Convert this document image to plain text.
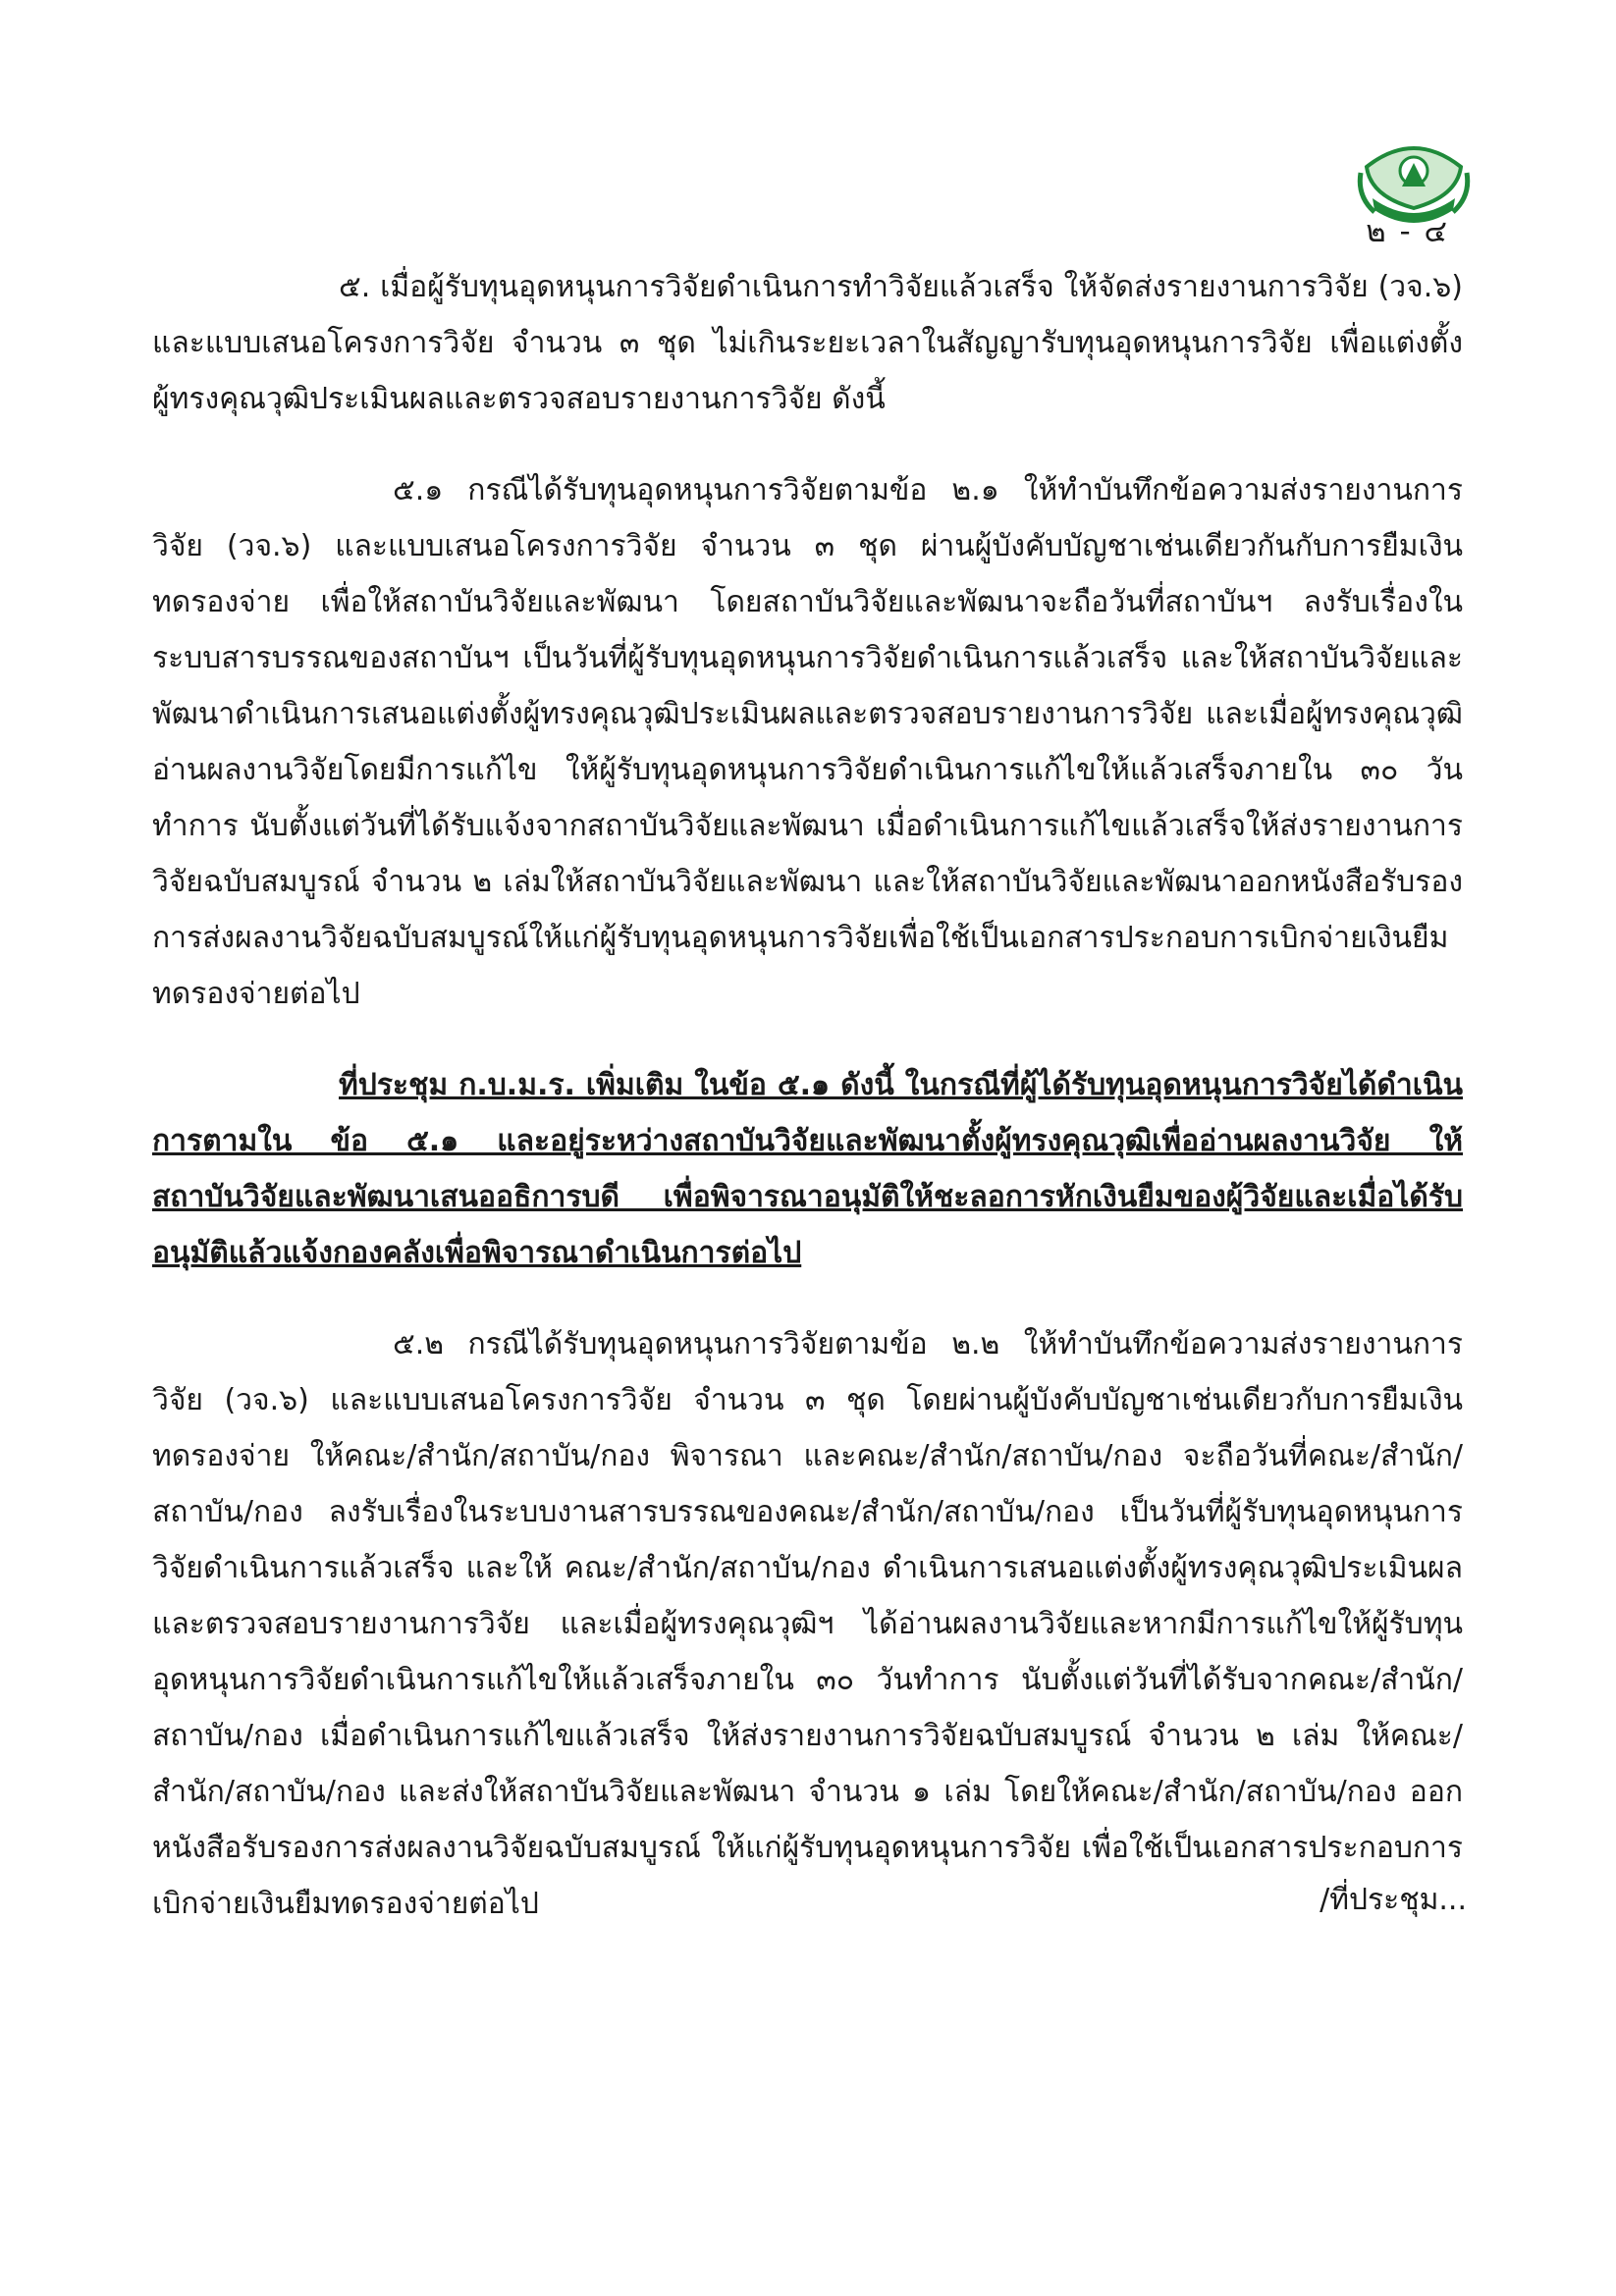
๒ - ๔

๕. เมื่อผู้รับทุนอุดหนุนการวิจัยดำเนินการทำวิจัยแล้วเสร็จ ให้จัดส่งรายงานการวิจัย (วจ.๖) และแบบเสนอโครงการวิจัย จำนวน ๓ ชุด ไม่เกินระยะเวลาในสัญญารับทุนอุดหนุนการวิจัย เพื่อแต่งตั้งผู้ทรงคุณวุฒิประเมินผลและตรวจสอบรายงานการวิจัย ดังนี้

๕.๑ กรณีได้รับทุนอุดหนุนการวิจัยตามข้อ ๒.๑ ให้ทำบันทึกข้อความส่งรายงานการวิจัย (วจ.๖) และแบบเสนอโครงการวิจัย จำนวน ๓ ชุด ผ่านผู้บังคับบัญชาเช่นเดียวกันกับการยืมเงินทดรองจ่าย เพื่อให้สถาบันวิจัยและพัฒนา โดยสถาบันวิจัยและพัฒนาจะถือวันที่สถาบันฯ ลงรับเรื่องในระบบสารบรรณของสถาบันฯ เป็นวันที่ผู้รับทุนอุดหนุนการวิจัยดำเนินการแล้วเสร็จ และให้สถาบันวิจัยและพัฒนาดำเนินการเสนอแต่งตั้งผู้ทรงคุณวุฒิประเมินผลและตรวจสอบรายงานการวิจัย และเมื่อผู้ทรงคุณวุฒิอ่านผลงานวิจัยโดยมีการแก้ไข ให้ผู้รับทุนอุดหนุนการวิจัยดำเนินการแก้ไขให้แล้วเสร็จภายใน ๓๐ วันทำการ นับตั้งแต่วันที่ได้รับแจ้งจากสถาบันวิจัยและพัฒนา เมื่อดำเนินการแก้ไขแล้วเสร็จให้ส่งรายงานการวิจัยฉบับสมบูรณ์ จำนวน ๒ เล่มให้สถาบันวิจัยและพัฒนา และให้สถาบันวิจัยและพัฒนาออกหนังสือรับรองการส่งผลงานวิจัยฉบับสมบูรณ์ให้แก่ผู้รับทุนอุดหนุนการวิจัยเพื่อใช้เป็นเอกสารประกอบการเบิกจ่ายเงินยืมทดรองจ่ายต่อไป

ที่ประชุม ก.บ.ม.ร. เพิ่มเติม ในข้อ ๕.๑ ดังนี้ ในกรณีที่ผู้ได้รับทุนอุดหนุนการวิจัยได้ดำเนินการตามใน ข้อ ๕.๑ และอยู่ระหว่างสถาบันวิจัยและพัฒนาตั้งผู้ทรงคุณวุฒิเพื่ออ่านผลงานวิจัย ให้สถาบันวิจัยและพัฒนาเสนออธิการบดี เพื่อพิจารณาอนุมัติให้ชะลอการหักเงินยืมของผู้วิจัยและเมื่อได้รับอนุมัติแล้วแจ้งกองคลังเพื่อพิจารณาดำเนินการต่อไป

๕.๒ กรณีได้รับทุนอุดหนุนการวิจัยตามข้อ ๒.๒ ให้ทำบันทึกข้อความส่งรายงานการวิจัย (วจ.๖) และแบบเสนอโครงการวิจัย จำนวน ๓ ชุด โดยผ่านผู้บังคับบัญชาเช่นเดียวกับการยืมเงินทดรองจ่าย ให้คณะ/สำนัก/สถาบัน/กอง พิจารณา และคณะ/สำนัก/สถาบัน/กอง จะถือวันที่คณะ/สำนัก/สถาบัน/กอง ลงรับเรื่องในระบบงานสารบรรณของคณะ/สำนัก/สถาบัน/กอง เป็นวันที่ผู้รับทุนอุดหนุนการวิจัยดำเนินการแล้วเสร็จ และให้ คณะ/สำนัก/สถาบัน/กอง ดำเนินการเสนอแต่งตั้งผู้ทรงคุณวุฒิประเมินผลและตรวจสอบรายงานการวิจัย และเมื่อผู้ทรงคุณวุฒิฯ ได้อ่านผลงานวิจัยและหากมีการแก้ไขให้ผู้รับทุนอุดหนุนการวิจัยดำเนินการแก้ไขให้แล้วเสร็จภายใน ๓๐ วันทำการ นับตั้งแต่วันที่ได้รับจากคณะ/สำนัก/สถาบัน/กอง เมื่อดำเนินการแก้ไขแล้วเสร็จ ให้ส่งรายงานการวิจัยฉบับสมบูรณ์ จำนวน ๒ เล่ม ให้คณะ/สำนัก/สถาบัน/กอง และส่งให้สถาบันวิจัยและพัฒนา จำนวน ๑ เล่ม โดยให้คณะ/สำนัก/สถาบัน/กอง ออกหนังสือรับรองการส่งผลงานวิจัยฉบับสมบูรณ์ ให้แก่ผู้รับทุนอุดหนุนการวิจัย เพื่อใช้เป็นเอกสารประกอบการเบิกจ่ายเงินยืมทดรองจ่ายต่อไป	/ที่ประชุม...
